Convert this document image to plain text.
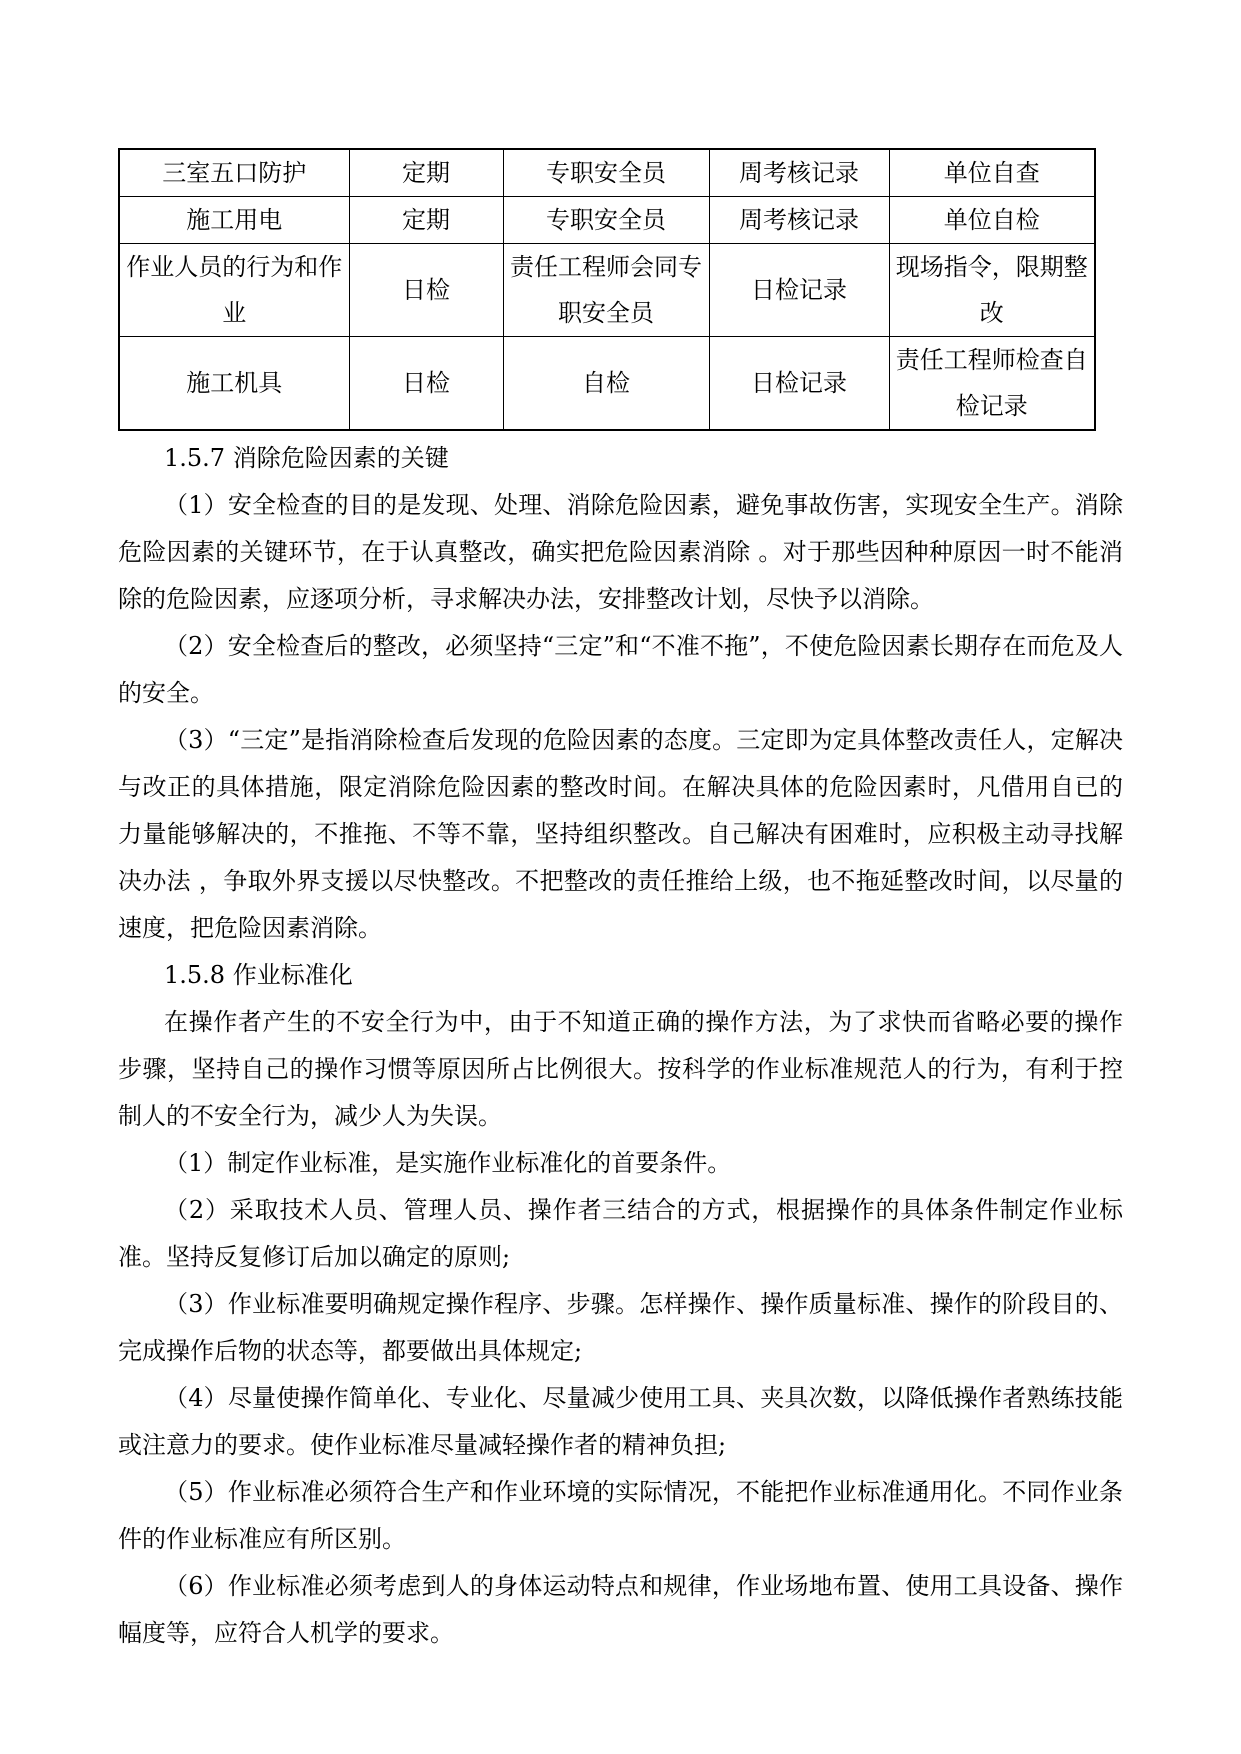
三室五口防护	定期	专职安全员	周考核记录	单位自查
施工用电	定期	专职安全员	周考核记录	单位自检
作业人员的行为和作业	日检	责任工程师会同专职安全员	日检记录	现场指令，限期整改
施工机具	日检	自检	日检记录	责任工程师检查自检记录

1.5.7 消除危险因素的关键

（1）安全检查的目的是发现、处理、消除危险因素，避免事故伤害，实现安全生产。消除危险因素的关键环节，在于认真整改，确实把危险因素消除 。对于那些因种种原因一时不能消除的危险因素，应逐项分析，寻求解决办法，安排整改计划，尽快予以消除。

（2）安全检查后的整改，必须坚持“三定”和“不准不拖”，不使危险因素长期存在而危及人的安全。

（3）“三定”是指消除检查后发现的危险因素的态度。三定即为定具体整改责任人，定解决与改正的具体措施，限定消除危险因素的整改时间。在解决具体的危险因素时，凡借用自已的力量能够解决的，不推拖、不等不靠，坚持组织整改。自己解决有困难时，应积极主动寻找解决办法 ，争取外界支援以尽快整改。不把整改的责任推给上级，也不拖延整改时间，以尽量的速度，把危险因素消除。

1.5.8 作业标准化

在操作者产生的不安全行为中，由于不知道正确的操作方法，为了求快而省略必要的操作步骤，坚持自己的操作习惯等原因所占比例很大。按科学的作业标准规范人的行为，有利于控制人的不安全行为，减少人为失误。

（1）制定作业标准，是实施作业标准化的首要条件。

（2）采取技术人员、管理人员、操作者三结合的方式，根据操作的具体条件制定作业标准。坚持反复修订后加以确定的原则;

（3）作业标准要明确规定操作程序、步骤。怎样操作、操作质量标准、操作的阶段目的、完成操作后物的状态等，都要做出具体规定;

（4）尽量使操作简单化、专业化、尽量减少使用工具、夹具次数，以降低操作者熟练技能或注意力的要求。使作业标准尽量减轻操作者的精神负担;

（5）作业标准必须符合生产和作业环境的实际情况，不能把作业标准通用化。不同作业条件的作业标准应有所区别。

（6）作业标准必须考虑到人的身体运动特点和规律，作业场地布置、使用工具设备、操作幅度等，应符合人机学的要求。
